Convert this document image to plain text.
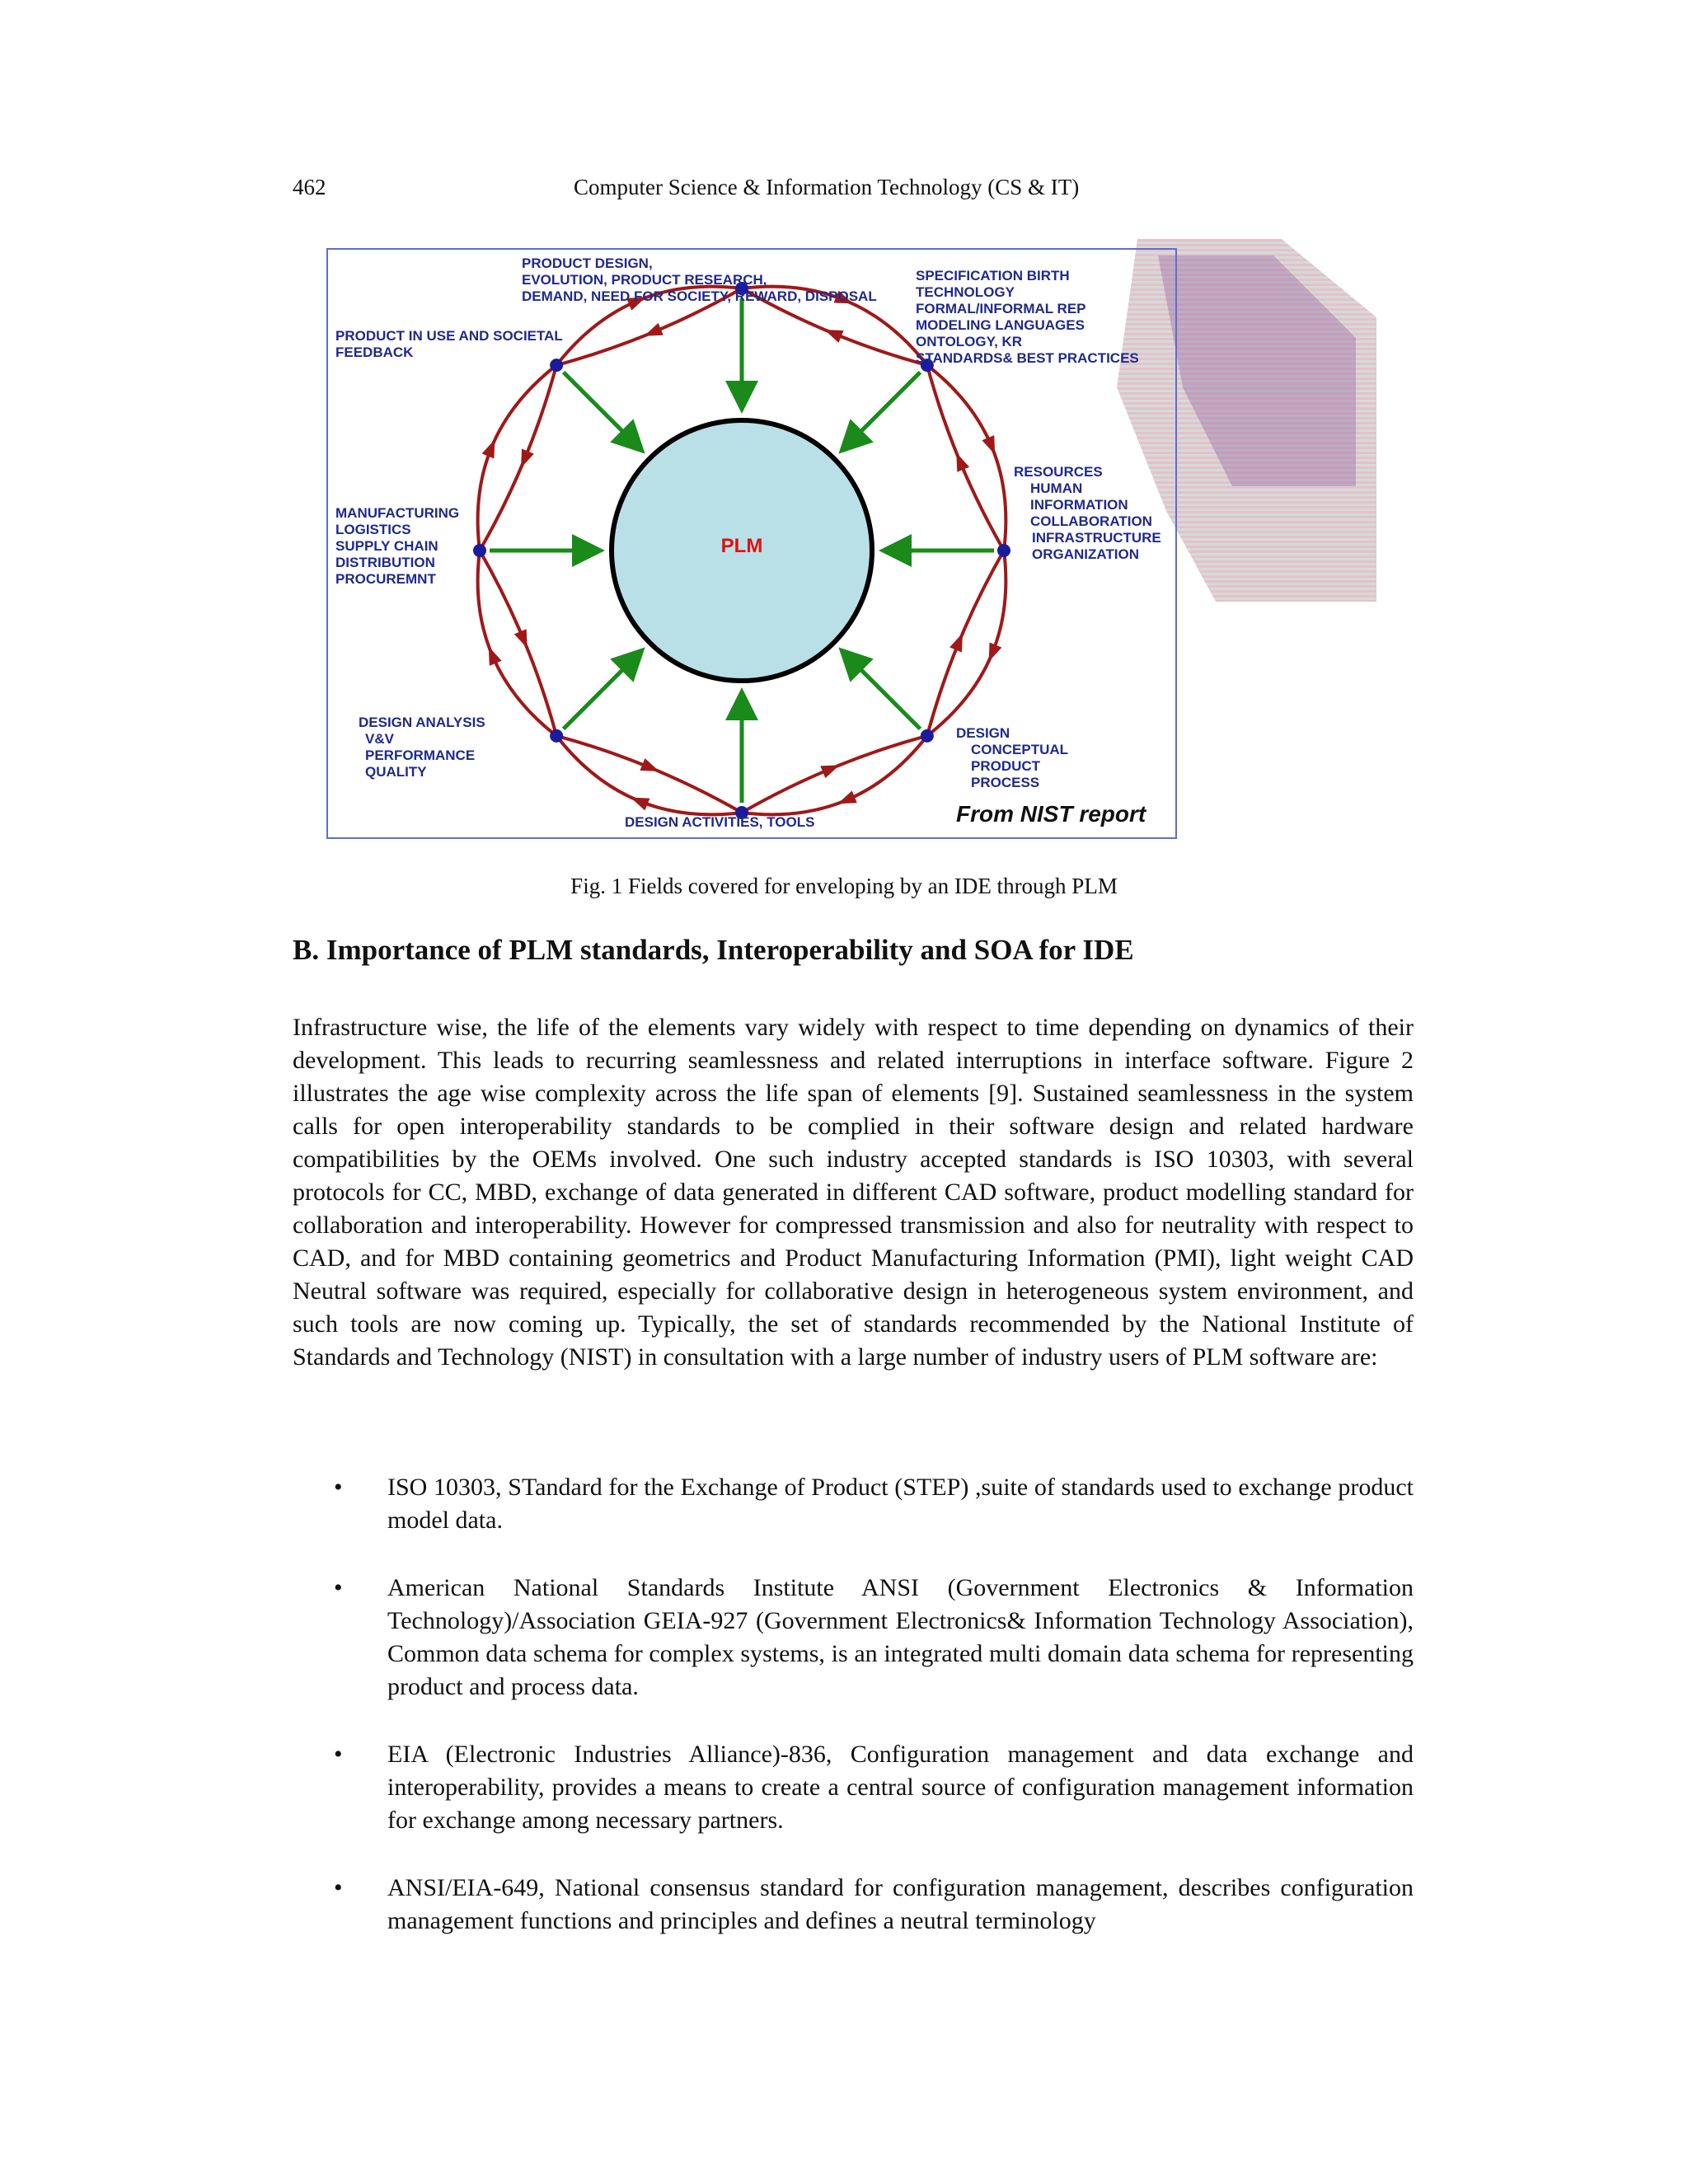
462	Computer Science & Information Technology (CS & IT)
PLM
PRODUCT DESIGN, EVOLUTION, PRODUCT RESEARCH, DEMAND, NEED FOR SOCIETY, REWARD, DISPOSAL
SPECIFICATION BIRTH TECHNOLOGY FORMAL/INFORMAL REP MODELING LANGUAGES ONTOLOGY, KR STANDARDS& BEST PRACTICES
RESOURCES HUMAN INFORMATION COLLABORATION INFRASTRUCTURE ORGANIZATION
DESIGN CONCEPTUAL PRODUCT PROCESS
DESIGN ACTIVITIES, TOOLS
DESIGN ANALYSIS V&V PERFORMANCE QUALITY
MANUFACTURING LOGISTICS SUPPLY CHAIN DISTRIBUTION PROCUREMNT
PRODUCT IN USE AND SOCIETAL FEEDBACK
From NIST report
Fig. 1 Fields covered for enveloping by an IDE through PLM
B. Importance of PLM standards, Interoperability and SOA for IDE

Infrastructure wise, the life of the elements vary widely with respect to time depending on dynamics of their development. This leads to recurring seamlessness and related interruptions in interface software. Figure 2 illustrates the age wise complexity across the life span of elements [9]. Sustained seamlessness in the system calls for open interoperability standards to be complied in their software design and related hardware compatibilities by the OEMs involved. One such industry accepted standards is ISO 10303, with several protocols for CC, MBD, exchange of data generated in different CAD software, product modelling standard for collaboration and interoperability. However for compressed transmission and also for neutrality with respect to CAD, and for MBD containing geometrics and Product Manufacturing Information (PMI), light weight CAD Neutral software was required, especially for collaborative design in heterogeneous system environment, and such tools are now coming up. Typically, the set of standards recommended by the National Institute of Standards and Technology (NIST) in consultation with a large number of industry users of PLM software are:

• ISO 10303, STandard for the Exchange of Product (STEP) ,suite of standards used to exchange product model data.
• American National Standards Institute ANSI (Government Electronics & Information Technology)/Association GEIA-927 (Government Electronics& Information Technology Association), Common data schema for complex systems, is an integrated multi domain data schema for representing product and process data.
• EIA (Electronic Industries Alliance)-836, Configuration management and data exchange and interoperability, provides a means to create a central source of configuration management information for exchange among necessary partners.
• ANSI/EIA-649, National consensus standard for configuration management, describes configuration management functions and principles and defines a neutral terminology
